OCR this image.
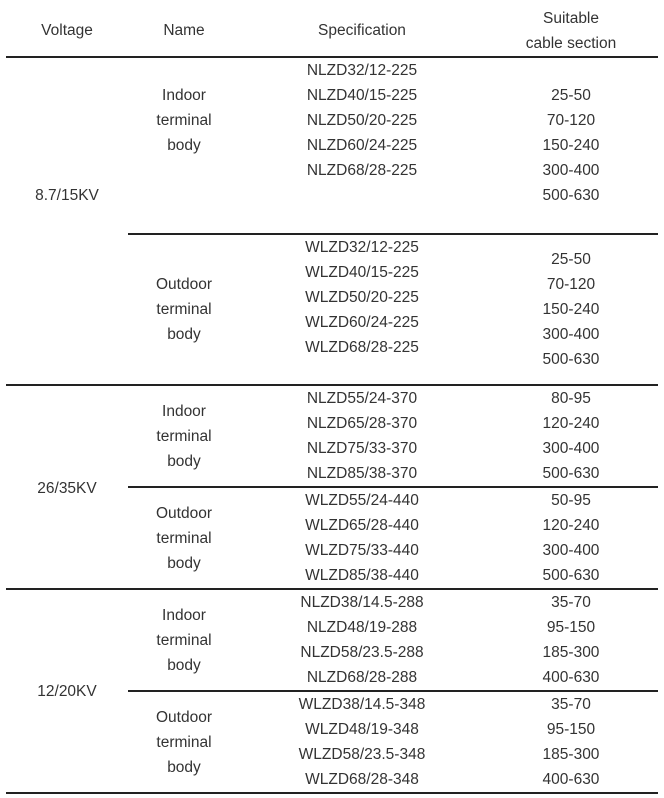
Voltage	Name	Specification
Suitable
cable section
8.7/15KV
Indoor
terminal
body
NLZD32/12-225
NLZD40/15-225
NLZD50/20-225
NLZD60/24-225
NLZD68/28-225
25-50
70-120
150-240
300-400
500-630
Outdoor
terminal
body
WLZD32/12-225
WLZD40/15-225
WLZD50/20-225
WLZD60/24-225
WLZD68/28-225
25-50
70-120
150-240
300-400
500-630
26/35KV
Indoor
terminal
body
NLZD55/24-370
NLZD65/28-370
NLZD75/33-370
NLZD85/38-370
80-95
120-240
300-400
500-630
Outdoor
terminal
body
WLZD55/24-440
WLZD65/28-440
WLZD75/33-440
WLZD85/38-440
50-95
120-240
300-400
500-630
12/20KV
Indoor
terminal
body
NLZD38/14.5-288
NLZD48/19-288
NLZD58/23.5-288
NLZD68/28-288
35-70
95-150
185-300
400-630
Outdoor
terminal
body
WLZD38/14.5-348
WLZD48/19-348
WLZD58/23.5-348
WLZD68/28-348
35-70
95-150
185-300
400-630
